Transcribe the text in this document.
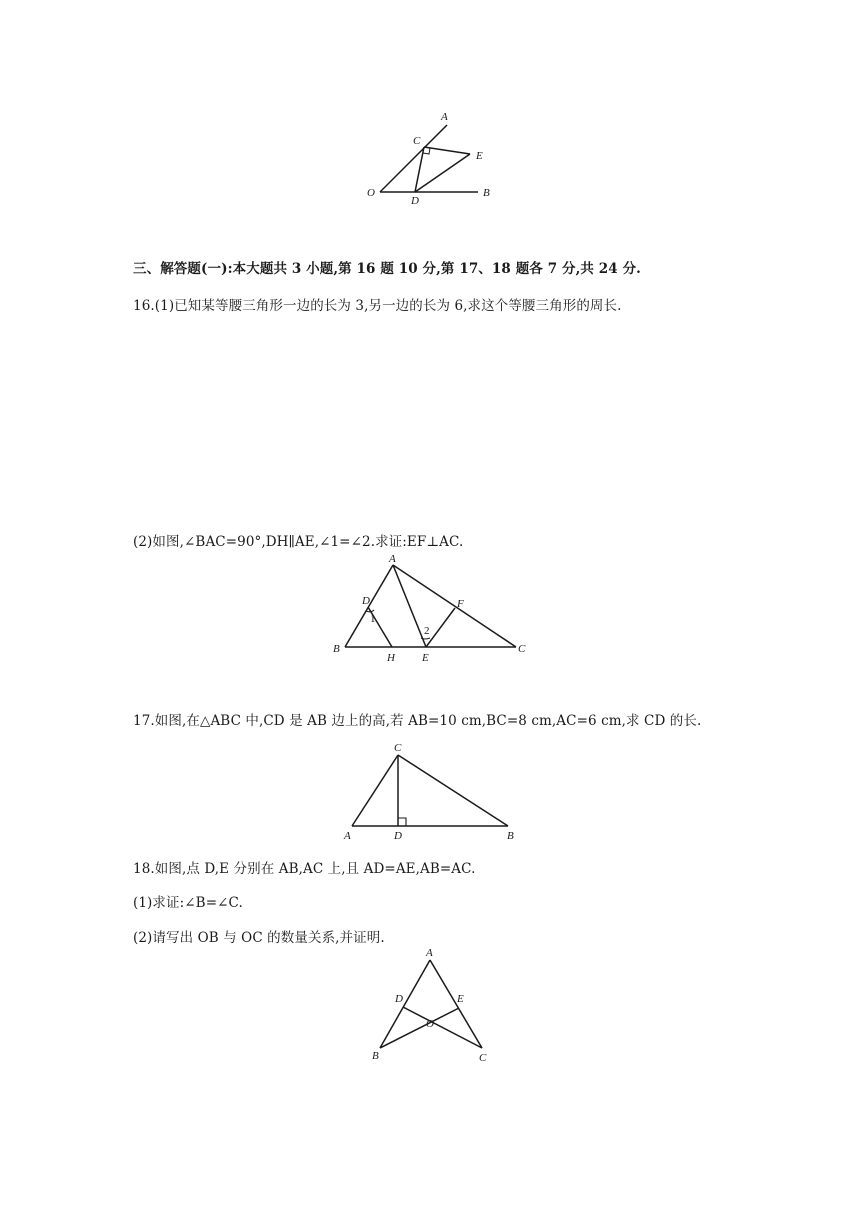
A
C
E
O
D
B
三、解答题(一):本大题共 3 小题,第 16 题 10 分,第 17、18 题各 7 分,共 24 分.
16.(1)已知某等腰三角形一边的长为 3,另一边的长为 6,求这个等腰三角形的周长.
(2)如图,∠BAC=90°,DH∥AE,∠1=∠2.求证:EF⊥AC.
A
D	F
1
2
B
H E
C
17.如图,在△ABC 中,CD 是 AB 边上的高,若 AB=10 cm,BC=8 cm,AC=6 cm,求 CD 的长.
C
A	D	B
18.如图,点 D,E 分别在 AB,AC 上,且 AD=AE,AB=AC.
(1)求证:∠B=∠C.
(2)请写出 OB 与 OC 的数量关系,并证明.
A
D	E
O
B	C
